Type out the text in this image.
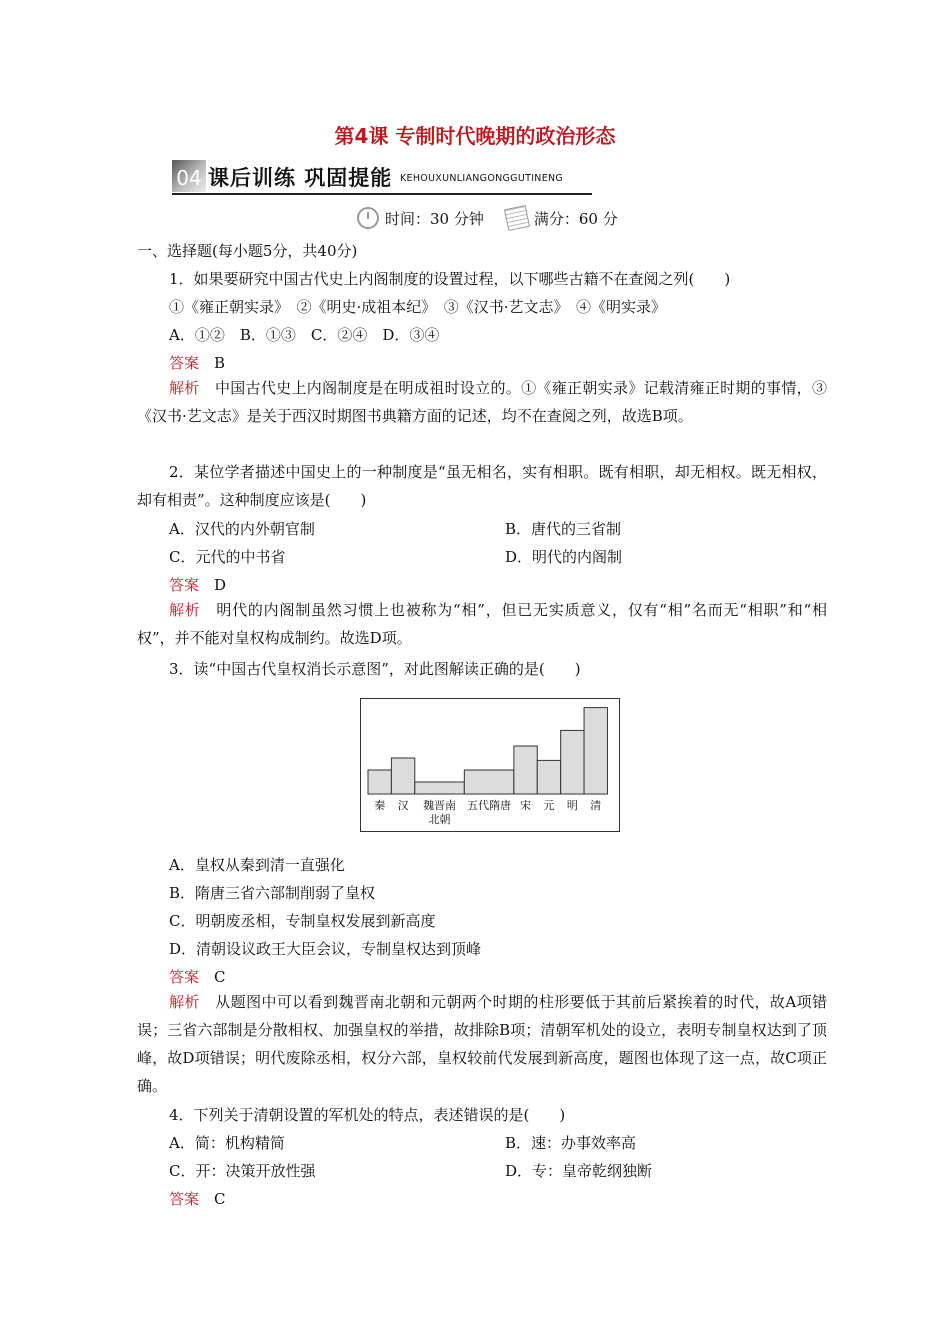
第4课 专制时代晚期的政治形态
04 课后训练 巩固提能 KEHOUXUNLIANGONGGUTINENG
时间：30 分钟	满分：60 分
一、选择题(每小题5分，共40分)
1．如果要研究中国古代史上内阁制度的设置过程，以下哪些古籍不在查阅之列(　　)
①《雍正朝实录》　②《明史·成祖本纪》　③《汉书·艺文志》　④《明实录》
A．①②　B．①③　C．②④　D．③④
答案　 B
解析　 中国古代史上内阁制度是在明成祖时设立的。①《雍正朝实录》记载清雍正时期的事情，③《汉书·艺文志》是关于西汉时期图书典籍方面的记述，均不在查阅之列，故选B项。
2．某位学者描述中国史上的一种制度是“虽无相名，实有相职。既有相职，却无相权。既无相权，却有相责”。这种制度应该是(　　)
A．汉代的内外朝官制	B．唐代的三省制
C．元代的中书省	D．明代的内阁制
答案　 D
解析　 明代的内阁制虽然习惯上也被称为“相”，但已无实质意义，仅有“相”名而无“相职”和“相权”，并不能对皇权构成制约。故选D项。
3．读“中国古代皇权消长示意图”，对此图解读正确的是(　　)
秦 汉 魏晋南
北朝
五代隋唐 宋 元 明 清
A．皇权从秦到清一直强化
B．隋唐三省六部制削弱了皇权
C．明朝废丞相，专制皇权发展到新高度
D．清朝设议政王大臣会议，专制皇权达到顶峰
答案　 C
解析　 从题图中可以看到魏晋南北朝和元朝两个时期的柱形要低于其前后紧挨着的时代，故A项错误；三省六部制是分散相权、加强皇权的举措，故排除B项；清朝军机处的设立，表明专制皇权达到了顶峰，故D项错误；明代废除丞相，权分六部，皇权较前代发展到新高度，题图也体现了这一点，故C项正确。
4．下列关于清朝设置的军机处的特点，表述错误的是(　　)
A．简：机构精简	B．速：办事效率高
C．开：决策开放性强	D．专：皇帝乾纲独断
答案　 C
